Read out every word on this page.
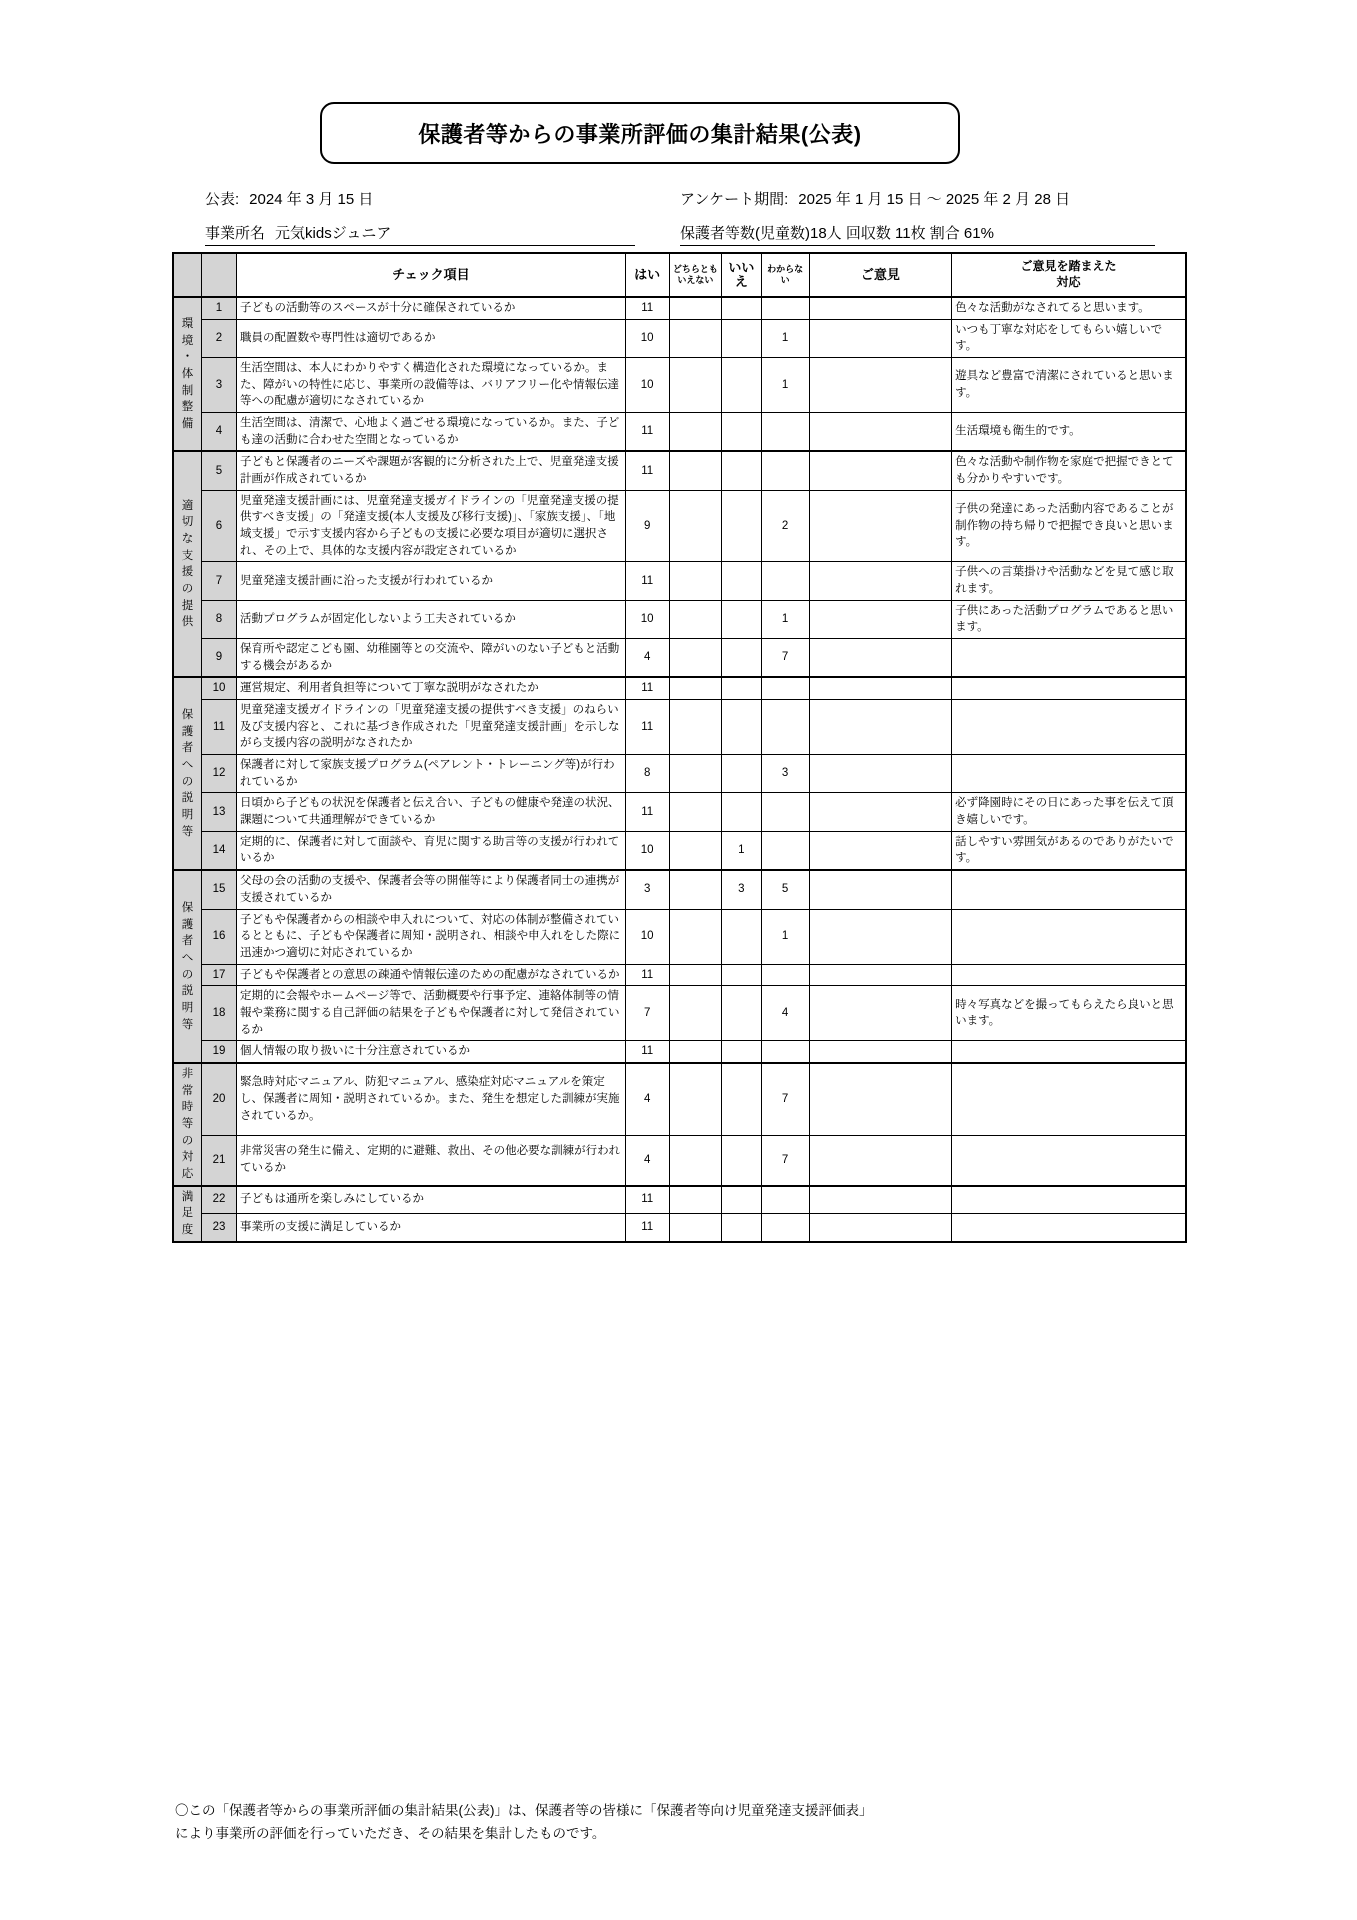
保護者等からの事業所評価の集計結果(公表)
公表: 2024 年 3 月 15 日	アンケート期間: 2025 年 1 月 15 日 ～ 2025 年 2 月 28 日
事業所名 元気kidsジュニア	保護者等数(児童数)18人 回収数 11枚 割合 61%
		チェック項目	はい	どちらとも
いえない	いい
え	わからな
い	ご意見	ご意見を踏まえた
対応

環
境
・
体
制
整
備
	1	子どもの活動等のスペースが十分に確保されているか	11					色々な活動がなされてると思います。
	2	職員の配置数や専門性は適切であるか	10			1		いつも丁寧な対応をしてもらい嬉しいです。
	3	生活空間は、本人にわかりやすく構造化された環境になっているか。また、障がいの特性に応じ、事業所の設備等は、バリアフリー化や情報伝達等への配慮が適切になされているか	10			1		遊具など豊富で清潔にされていると思います。
	4	生活空間は、清潔で、心地よく過ごせる環境になっているか。また、子ども達の活動に合わせた空間となっているか	11					生活環境も衛生的です。

適
切
な
支
援
の
提
供
	5	子どもと保護者のニーズや課題が客観的に分析された上で、児童発達支援計画が作成されているか	11					色々な活動や制作物を家庭で把握できとても分かりやすいです。
	6	児童発達支援計画には、児童発達支援ガイドラインの「児童発達支援の提供すべき支援」の「発達支援(本人支援及び移行支援)」、「家族支援」、「地域支援」で示す支援内容から子どもの支援に必要な項目が適切に選択され、その上で、具体的な支援内容が設定されているか	9			2		子供の発達にあった活動内容であることが制作物の持ち帰りで把握でき良いと思います。
	7	児童発達支援計画に沿った支援が行われているか	11					子供への言葉掛けや活動などを見て感じ取れます。
	8	活動プログラムが固定化しないよう工夫されているか	10			1		子供にあった活動プログラムであると思います。
	9	保育所や認定こども園、幼稚園等との交流や、障がいのない子どもと活動する機会があるか	4			7		

保
護
者
へ
の
説
明
等
	10	運営規定、利用者負担等について丁寧な説明がなされたか	11					
	11	児童発達支援ガイドラインの「児童発達支援の提供すべき支援」のねらい及び支援内容と、これに基づき作成された「児童発達支援計画」を示しながら支援内容の説明がなされたか	11					
	12	保護者に対して家族支援プログラム(ペアレント・トレーニング等)が行われているか	8			3		
	13	日頃から子どもの状況を保護者と伝え合い、子どもの健康や発達の状況、課題について共通理解ができているか	11					必ず降園時にその日にあった事を伝えて頂き嬉しいです。
	14	定期的に、保護者に対して面談や、育児に関する助言等の支援が行われているか	10		1			話しやすい雰囲気があるのでありがたいです。

保
護
者
へ
の
説
明
等
	15	父母の会の活動の支援や、保護者会等の開催等により保護者同士の連携が支援されているか	3		3	5		
	16	子どもや保護者からの相談や申入れについて、対応の体制が整備されているとともに、子どもや保護者に周知・説明され、相談や申入れをした際に迅速かつ適切に対応されているか	10			1		
	17	子どもや保護者との意思の疎通や情報伝達のための配慮がなされているか	11					
	18	定期的に会報やホームページ等で、活動概要や行事予定、連絡体制等の情報や業務に関する自己評価の結果を子どもや保護者に対して発信されているか	7			4		時々写真などを撮ってもらえたら良いと思います。
	19	個人情報の取り扱いに十分注意されているか	11					

非
常
時
等
の
対
応
	20	緊急時対応マニュアル、防犯マニュアル、感染症対応マニュアルを策定し、保護者に周知・説明されているか。また、発生を想定した訓練が実施されているか。	4			7		
	21	非常災害の発生に備え、定期的に避難、救出、その他必要な訓練が行われているか	4			7		

満
足
度	22	子どもは通所を楽しみにしているか	11					
	23	事業所の支援に満足しているか	11					
〇この「保護者等からの事業所評価の集計結果(公表)」は、保護者等の皆様に「保護者等向け児童発達支援評価表」
により事業所の評価を行っていただき、その結果を集計したものです。
